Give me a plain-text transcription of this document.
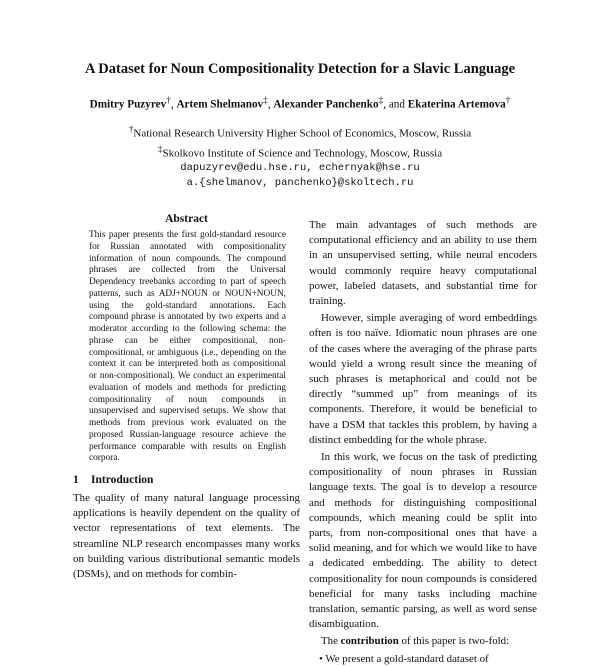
A Dataset for Noun Compositionality Detection for a Slavic Language
Dmitry Puzyrev†, Artem Shelmanov‡, Alexander Panchenko‡, and Ekaterina Artemova†
†National Research University Higher School of Economics, Moscow, Russia
‡Skolkovo Institute of Science and Technology, Moscow, Russia
dapuzyrev@edu.hse.ru, echernyak@hse.ru
a.{shelmanov, panchenko}@skoltech.ru
Abstract
This paper presents the first gold-standard resource for Russian annotated with compositionality information of noun compounds. The compound phrases are collected from the Universal Dependency treebanks according to part of speech patterns, such as ADJ+NOUN or NOUN+NOUN, using the gold-standard annotations. Each compound phrase is annotated by two experts and a moderator according to the following schema: the phrase can be either compositional, non-compositional, or ambiguous (i.e., depending on the context it can be interpreted both as compositional or non-compositional). We conduct an experimental evaluation of models and methods for predicting compositionality of noun compounds in unsupervised and supervised setups. We show that methods from previous work evaluated on the proposed Russian-language resource achieve the performance comparable with results on English corpora.
1 Introduction

The quality of many natural language processing applications is heavily dependent on the quality of vector representations of text elements. The streamline NLP research encompasses many works on building various distributional semantic models (DSMs), and on methods for combin-

The main advantages of such methods are computational efficiency and an ability to use them in an unsupervised setting, while neural encoders would commonly require heavy computational power, labeled datasets, and substantial time for training.

However, simple averaging of word embeddings often is too naïve. Idiomatic noun phrases are one of the cases where the averaging of the phrase parts would yield a wrong result since the meaning of such phrases is metaphorical and could not be directly “summed up” from meanings of its components. Therefore, it would be beneficial to have a DSM that tackles this problem, by having a distinct embedding for the whole phrase.

In this work, we focus on the task of predicting compositionality of noun phrases in Russian language texts. The goal is to develop a resource and methods for distinguishing compositional compounds, which meaning could be split into parts, from non-compositional ones that have a solid meaning, and for which we would like to have a dedicated embedding. The ability to detect compositionality for noun compounds is considered beneficial for many tasks including machine translation, semantic parsing, as well as word sense disambiguation.

The contribution of this paper is two-fold:

• We present a gold-standard dataset of
